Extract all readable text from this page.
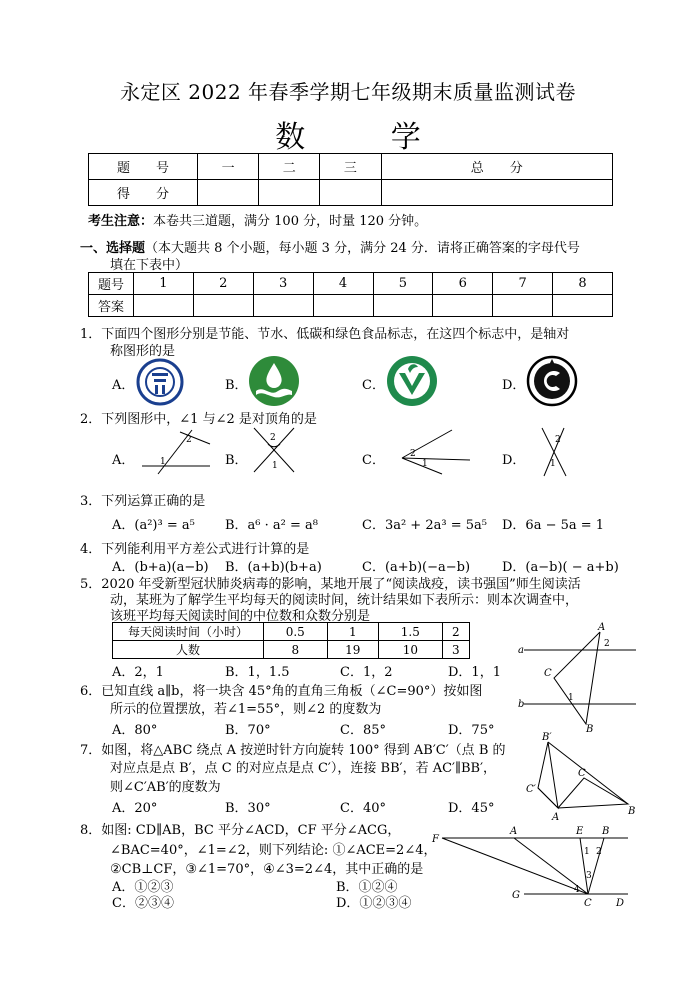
永定区 2022 年春季学期七年级期末质量监测试卷
数 学
题　　号	一	二	三	总　　分
得　　分				
考生注意：本卷共三道题，满分 100 分，时量 120 分钟。
一、选择题（本大题共 8 个小题，每小题 3 分，满分 24 分．请将正确答案的字母代号
填在下表中）
题号	1	2	3	4	5	6	7	8
答案								
1．下面四个图形分别是节能、节水、低碳和绿色食品标志，在这四个标志中，是轴对
称图形的是
A．	B．	C．	D．
2．下列图形中，∠1 与∠2 是对顶角的是
A．	B．	C．	D．
2
1
2
1
2
1
2
1
3．下列运算正确的是
A．(a²)³ = a⁵ B．a⁶ · a² = a⁸	C．3a² + 2a³ = 5a⁵ D．6a − 5a = 1
4．下列能利用平方差公式进行计算的是
A．(b+a)(a−b) B．(a+b)(b+a)	C．(a+b)(−a−b) D．(a−b)( − a+b)
5．2020 年受新型冠状肺炎病毒的影响，某地开展了“阅读战疫，读书强国”师生阅读活
动，某班为了解学生平均每天的阅读时间，统计结果如下表所示：则本次调查中，
该班平均每天阅读时间的中位数和众数分别是
每天阅读时间（小时）	0.5	1	1.5	2
人数	8	19	10	3
A．2，1	B．1，1.5	C．1，2	D．1，1
6．已知直线 a∥b，将一块含 45°角的直角三角板（∠C=90°）按如图
所示的位置摆放，若∠1=55°，则∠2 的度数为
A．80°	B．70°	C．85°	D．75°
a
b
A
B
C
1
2
7．如图，将△ABC 绕点 A 按逆时针方向旋转 100° 得到 AB′C′（点 B 的
对应点是点 B′，点 C 的对应点是点 C′），连接 BB′，若 AC′∥BB′，
则∠C′AB′的度数为
A．20°	B．30°	C．40°	D．45°
B′
C′
C
A
B
8．如图: CD∥AB，BC 平分∠ACD，CF 平分∠ACG，
∠BAC=40°，∠1=∠2，则下列结论: ①∠ACE=2∠4，
②CB⊥CF，③∠1=70°，④∠3=2∠4，其中正确的是
A．①②③	B．①②④
C．②③④	D．①②③④
F
A	E B
G
C D
1 2
3
4
